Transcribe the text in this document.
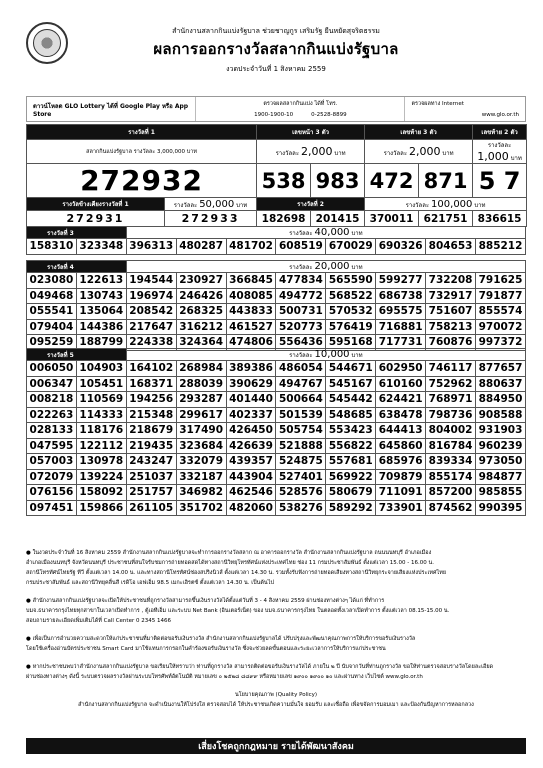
สำนักงานสลากกินแบ่งรัฐบาล ช่วยชาญกูร เสริมรัฐ ยืนหยัดสุจริตธรรม
ผลการออกรางวัลสลากกินแบ่งรัฐบาล
งวดประจำวันที่ 1 สิงหาคม 2559
ดาวน์โหลด GLO Lottery ได้ที่ Google Play หรือ App Store
ตรวจผลสลากกินแบ่ง ได้ที่ โทร.
1900-1900-10	0-2528-8899
ตรวจผลทาง Internet
www.glo.or.th
รางวัลที่ 1		เลขหน้า 3 ตัว		เลขท้าย 3 ตัว		เลขท้าย 2 ตัว
สลากกินแบ่งรัฐบาล รางวัลละ 3,000,000 บาท		รางวัลละ 2,000 บาท		รางวัลละ 2,000 บาท		รางวัลละ 1,000 บาท
272932		538	983	472	871	5 7
รางวัลข้างเคียงรางวัลที่ 1	รางวัลละ 50,000 บาท	รางวัลที่ 2		รางวัลละ 100,000 บาท		
272931	272933	182698	201415	370011	621751	836615
รางวัลที่ 3		รางวัลละ 40,000 บาท							
158310	323348	396313	480287	481702	608519	670029	690326	804653	885212
รางวัลที่ 4		รางวัลละ 20,000 บาท							
023080	122613	194544	230927	366845	477834	565590	599277	732208	791625
049468	130743	196974	246426	408085	494772	568522	686738	732917	791877
055541	135064	208542	268325	443833	500731	570532	695575	751607	855574
079404	144386	217647	316212	461527	520773	576419	716881	758213	970072
095259	188799	224338	324364	474806	556436	595168	717731	760876	997372
รางวัลที่ 5		รางวัลละ 10,000 บาท							
006050	104903	164102	268984	389386	486054	544671	602950	746117	877657
006347	105451	168371	288039	390629	494767	545167	610160	752962	880637
008218	110569	194256	293287	401440	500664	545442	624421	768971	884950
022263	114333	215348	299617	402337	501539	548685	638478	798736	908588
028133	118176	218679	317490	426450	505754	553423	644413	804002	931903
047595	122112	219435	323684	426639	521888	556822	645860	816784	960239
057003	130978	243247	332079	439357	524875	557681	685976	839334	973050
072079	139224	251037	332187	443904	527401	569922	709879	855174	984877
076156	158092	251757	346982	462546	528576	580679	711091	857200	985855
097451	159866	261105	351702	482060	538276	589292	733901	874562	990395

● ในงวดประจำวันที่ 16 สิงหาคม 2559 สำนักงานสลากกินแบ่งรัฐบาลจะทำการออกรางวัลสลาก ณ อาคารออกรางวัล สำนักงานสลากกินแบ่งรัฐบาล ถนนนนทบุรี อำเภอเมือง
อำเภอเมืองนนทบุรี จังหวัดนนทบุรี ประชาชนที่สนใจรับชมการถ่ายทอดสดได้ทางสถานีวิทยุโทรทัศน์แห่งประเทศไทย ช่อง 11 กรมประชาสัมพันธ์ ตั้งแต่เวลา 15.00 - 16.00 น.
สถานีโทรทัศน์ไทยรัฐ ทีวี ตั้งแต่เวลา 14.00 น. และทางสถานีโทรทัศน์ช่องสปริงนิวส์ ตั้งแต่เวลา 14.30 น. รวมทั้งรับฟังการถ่ายทอดเสียงทางสถานีวิทยุกระจายเสียงแห่งประเทศไทย
กรมประชาสัมพันธ์ และสถานีวิทยุคลื่นสี เรดิโอ เอฟเอ็ม 98.5 เมกะเฮิรตซ์ ตั้งแต่เวลา 14.30 น. เป็นต้นไป

● สำนักงานสลากกินแบ่งรัฐบาลจะเปิดให้ประชาชนที่ถูกรางวัลสามารถขึ้นเงินรางวัลได้ตั้งแต่วันที่ 3 - 4 สิงหาคม 2559 ผ่านช่องทางต่างๆ ได้แก่ ที่ทำการ
บมจ.ธนาคารกรุงไทยทุกสาขาในเวลาเปิดทำการ , ตู้เอทีเอ็ม และระบบ Net Bank (อินเตอร์เน็ต) ของ บมจ.ธนาคารกรุงไทย ในตลอดทั้งเวลาเปิดทำการ ตั้งแต่เวลา 08.15-15.00 น.
สอบถามรายละเอียดเพิ่มเติมได้ที่ Call Center 0 2345 1466

● เพื่อเป็นการอำนวยความสะดวกให้แก่ประชาชนที่มาติดต่อขอรับเงินรางวัล สำนักงานสลากกินแบ่งรัฐบาลได้ ปรับปรุงและพัฒนาคุณภาพการให้บริการขอรับเงินรางวัล
โดยใช้เครื่องอ่านบัตรประชาชน Smart Card มาใช้แทนการกรอกในคำร้องขอรับเงินรางวัล ซึ่งจะช่วยลดขั้นตอนและระยะเวลาการให้บริการแก่ประชาชน

● หากประชาชนพบว่าสำนักงานสลากกินแบ่งรัฐบาล ขอเรียนให้ทราบว่า ท่านที่ถูกรางวัล สามารถติดต่อขอรับเงินรางวัลได้ ภายใน ๒ ปี นับจากวันที่ท่านถูกรางวัล ขอให้ท่านตรวจสอบรางวัลโดยละเอียด
ผ่านช่องทางต่างๆ ดังนี้ ระบบตรวจผลรางวัลผ่านระบบโทรศัพท์อัตโนมัติ หมายเลข ๐ ๒๕๒๘ ๘๘๙๙ หรือหมายเลข ๑๙๐๐ ๑๙๐๐ ๑๐ และผ่านทาง เว็บไซต์ www.glo.or.th

นโยบายคุณภาพ (Quality Policy)
สำนักงานสลากกินแบ่งรัฐบาล จะดำเนินงานให้โปร่งใส ตรวจสอบได้ ให้ประชาชนเกิดความมั่นใจ ยอมรับ และเชื่อถือ เพื่อขจัดการมอมเมา และป้องกันปัญหาการหลอกลวง
เสี่ยงโชคถูกกฎหมาย รายได้พัฒนาสังคม
